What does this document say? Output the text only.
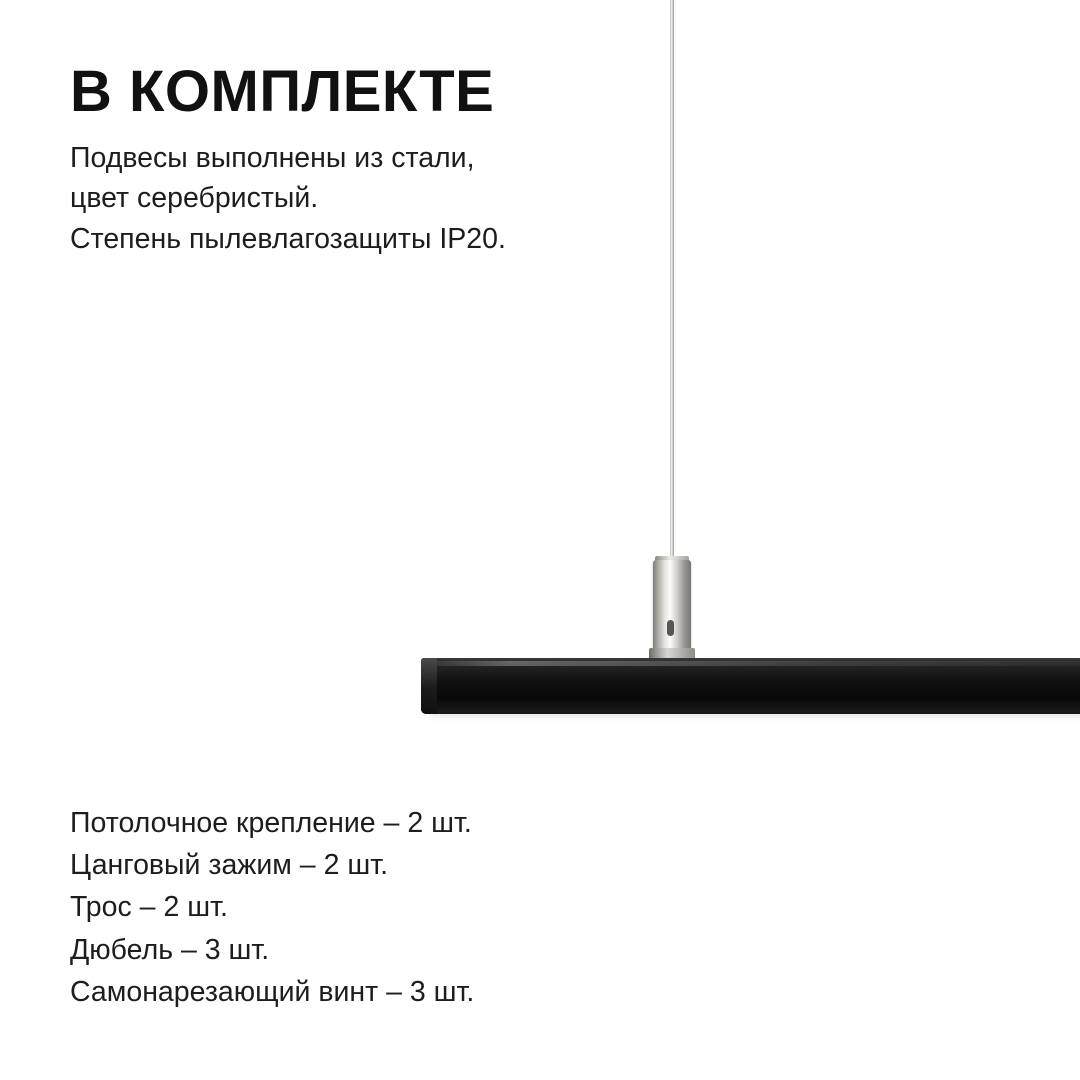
В КОМПЛЕКТЕ
Подвесы выполнены из стали,
цвет серебристый.
Степень пылевлагозащиты IP20.
Потолочное крепление – 2 шт.
Цанговый зажим – 2 шт.
Трос – 2 шт.
Дюбель – 3 шт.
Самонарезающий винт – 3 шт.
